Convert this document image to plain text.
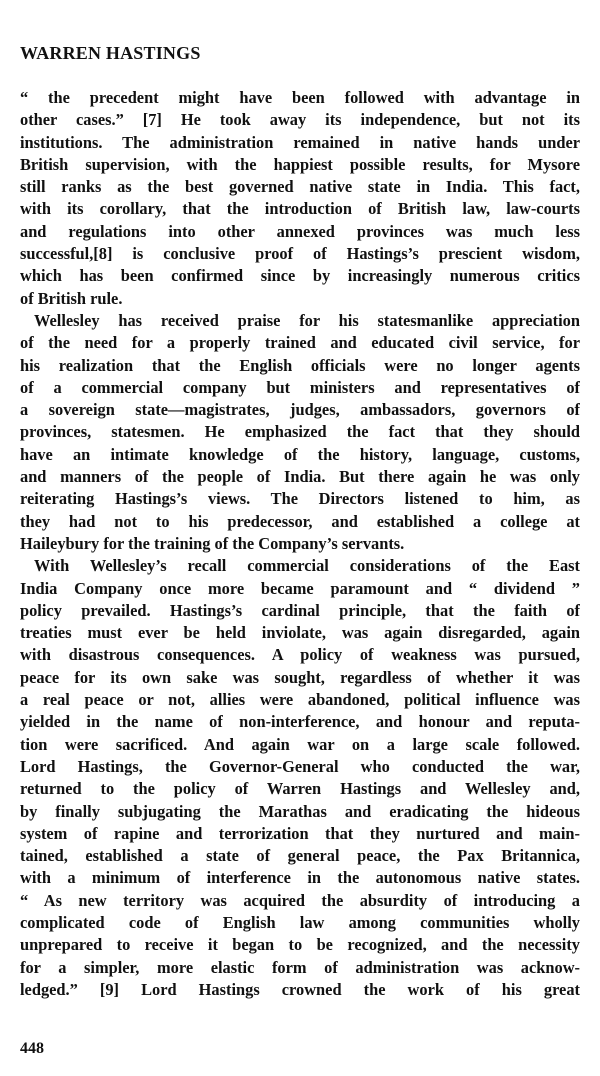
WARREN HASTINGS
“ the precedent might have been followed with advantage in
other cases.” [7] He took away its independence, but not its
institutions. The administration remained in native hands under
British supervision, with the happiest possible results, for Mysore
still ranks as the best governed native state in India. This fact,
with its corollary, that the introduction of British law, law-courts
and regulations into other annexed provinces was much less
successful,[8] is conclusive proof of Hastings’s prescient wisdom,
which has been confirmed since by increasingly numerous critics
of British rule.
Wellesley has received praise for his statesmanlike appreciation
of the need for a properly trained and educated civil service, for
his realization that the English officials were no longer agents
of a commercial company but ministers and representatives of
a sovereign state—magistrates, judges, ambassadors, governors of
provinces, statesmen. He emphasized the fact that they should
have an intimate knowledge of the history, language, customs,
and manners of the people of India. But there again he was only
reiterating Hastings’s views. The Directors listened to him, as
they had not to his predecessor, and established a college at
Haileybury for the training of the Company’s servants.
With Wellesley’s recall commercial considerations of the East
India Company once more became paramount and “ dividend ”
policy prevailed. Hastings’s cardinal principle, that the faith of
treaties must ever be held inviolate, was again disregarded, again
with disastrous consequences. A policy of weakness was pursued,
peace for its own sake was sought, regardless of whether it was
a real peace or not, allies were abandoned, political influence was
yielded in the name of non-interference, and honour and reputa-
tion were sacrificed. And again war on a large scale followed.
Lord Hastings, the Governor-General who conducted the war,
returned to the policy of Warren Hastings and Wellesley and,
by finally subjugating the Marathas and eradicating the hideous
system of rapine and terrorization that they nurtured and main-
tained, established a state of general peace, the Pax Britannica,
with a minimum of interference in the autonomous native states.
“ As new territory was acquired the absurdity of introducing a
complicated code of English law among communities wholly
unprepared to receive it began to be recognized, and the necessity
for a simpler, more elastic form of administration was acknow-
ledged.” [9] Lord Hastings crowned the work of his great
448
